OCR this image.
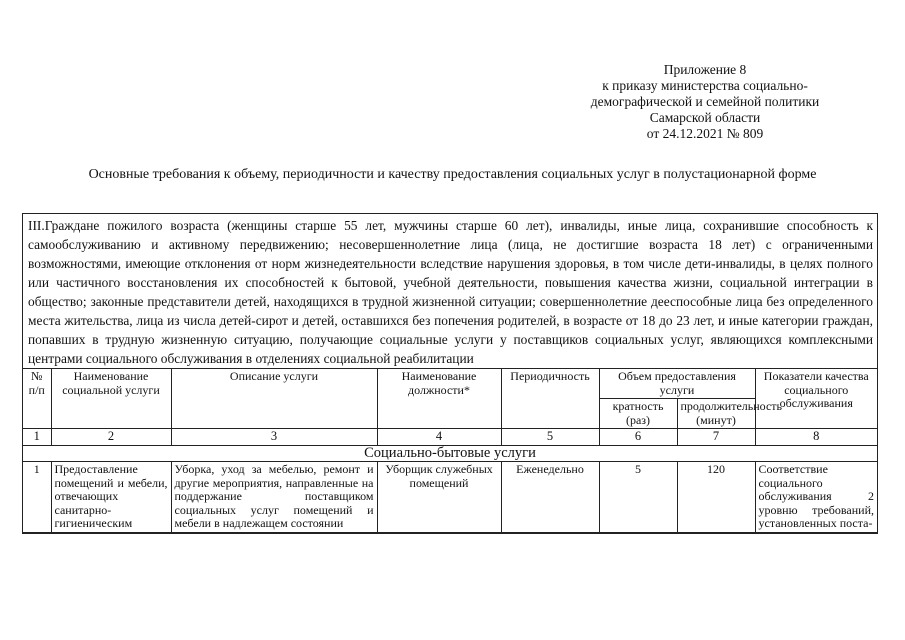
Приложение 8
к приказу министерства социально-
демографической и семейной политики
Самарской области
от 24.12.2021 № 809
Основные требования к объему, периодичности и качеству предоставления социальных услуг в полустационарной форме
III.Граждане пожилого возраста (женщины старше 55 лет, мужчины старше 60 лет), инвалиды, иные лица, сохранившие способность к самообслуживанию и активному передвижению; несовершеннолетние лица (лица, не достигшие возраста 18 лет) с ограниченными возможностями, имеющие отклонения от норм жизнедеятельности вследствие нарушения здоровья, в том числе дети-инвалиды, в целях полного или частичного восстановления их способностей к бытовой, учебной деятельности, повышения качества жизни, социальной интеграции в общество; законные представители детей, находящихся в трудной жизненной ситуации; совершеннолетние дееспособные лица без определенного места жительства, лица из числа детей-сирот и детей, оставшихся без попечения родителей, в возрасте от 18 до 23 лет, и иные категории граждан, попавших в трудную жизненную ситуацию, получающие социальные услуги у поставщиков социальных услуг, являющихся комплексными центрами социального обслуживания в отделениях социальной реабилитации
№ п/п	Наименование социальной услуги	Описание услуги	Наименование должности*	Периодичность	Объем предоставления услуги		Показатели качества социального обслуживания
					кратность (раз)	продолжительность (минут)	
1	2	3	4	5	6	7	8
Социально-бытовые услуги							
1	Предоставление помещений и мебели, отвечающих санитарно-гигиеническим	Уборка, уход за мебелью, ремонт и другие мероприятия, направленные на поддержание поставщиком социальных услуг помещений и мебели в надлежащем состоянии	Уборщик служебных помещений	Еженедельно	5	120	Соответствие социального обслуживания 2 уровню требований, установленных поста-
